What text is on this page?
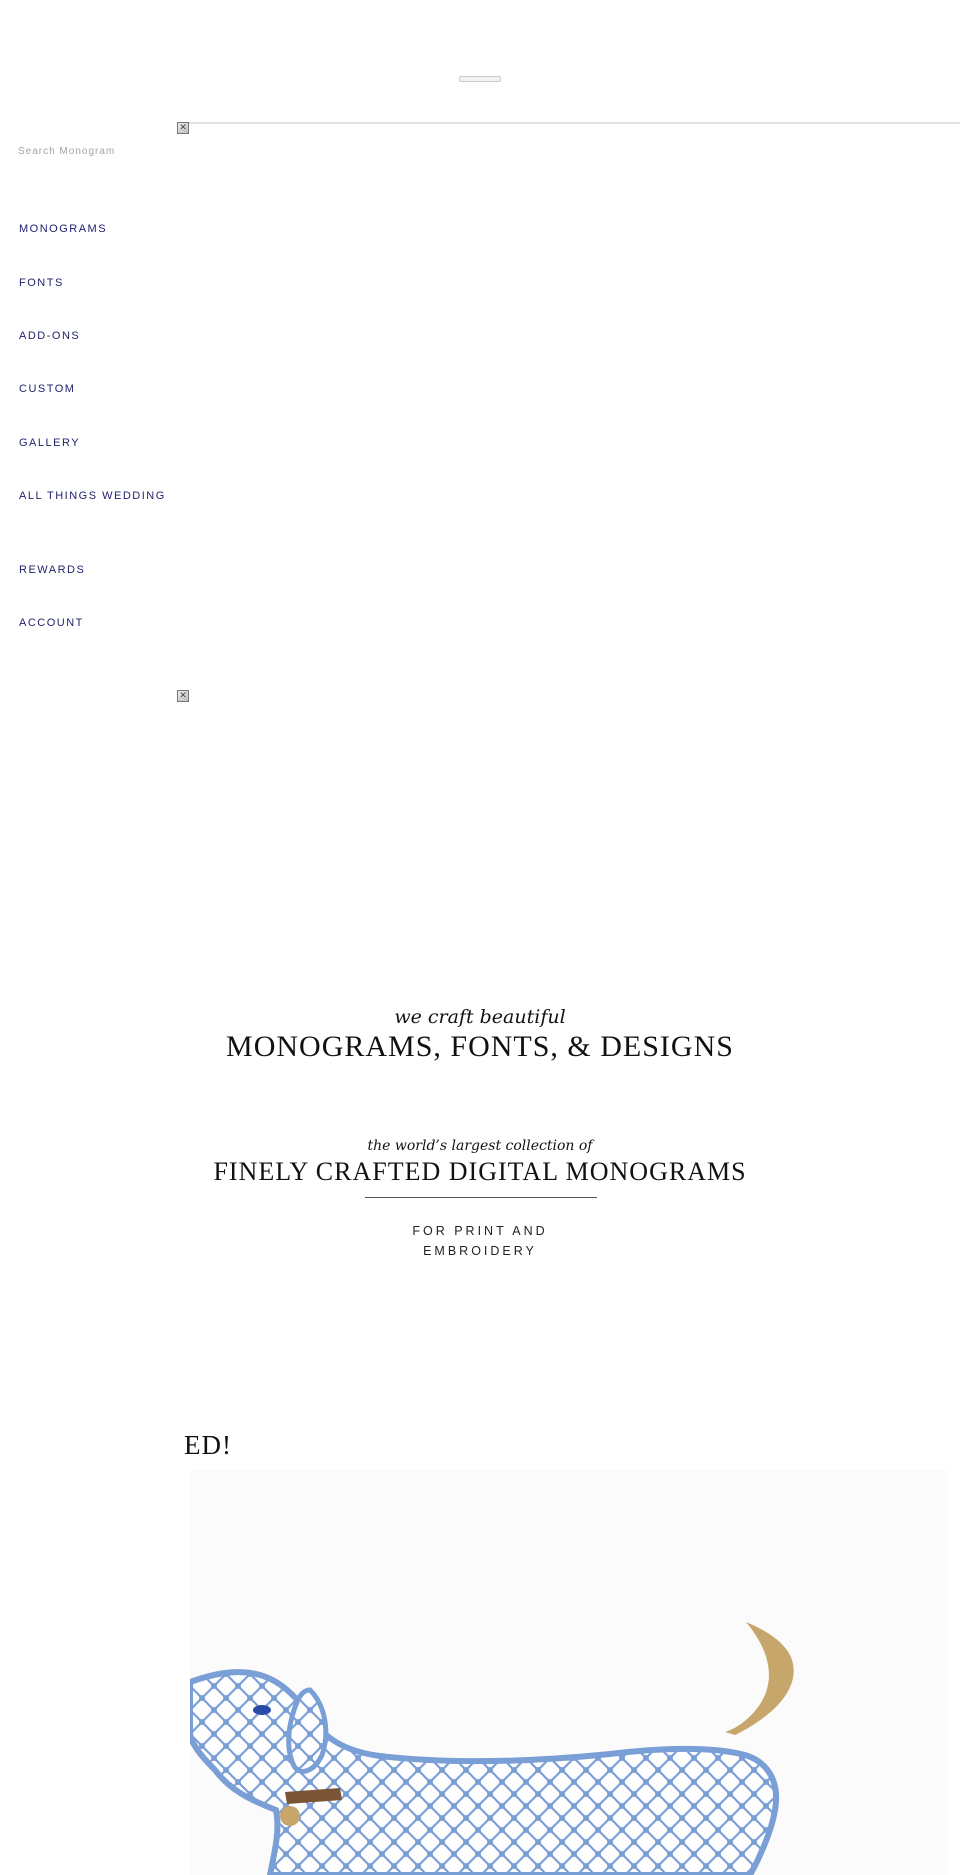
✕
✕
Search Monogram
MONOGRAMS
FONTS
ADD-ONS
CUSTOM
GALLERY
ALL THINGS WEDDING
REWARDS
ACCOUNT
we craft beautiful
MONOGRAMS, FONTS, & DESIGNS
the world’s largest collection of
FINELY CRAFTED DIGITAL MONOGRAMS
FOR PRINT AND
EMBROIDERY
ED!
